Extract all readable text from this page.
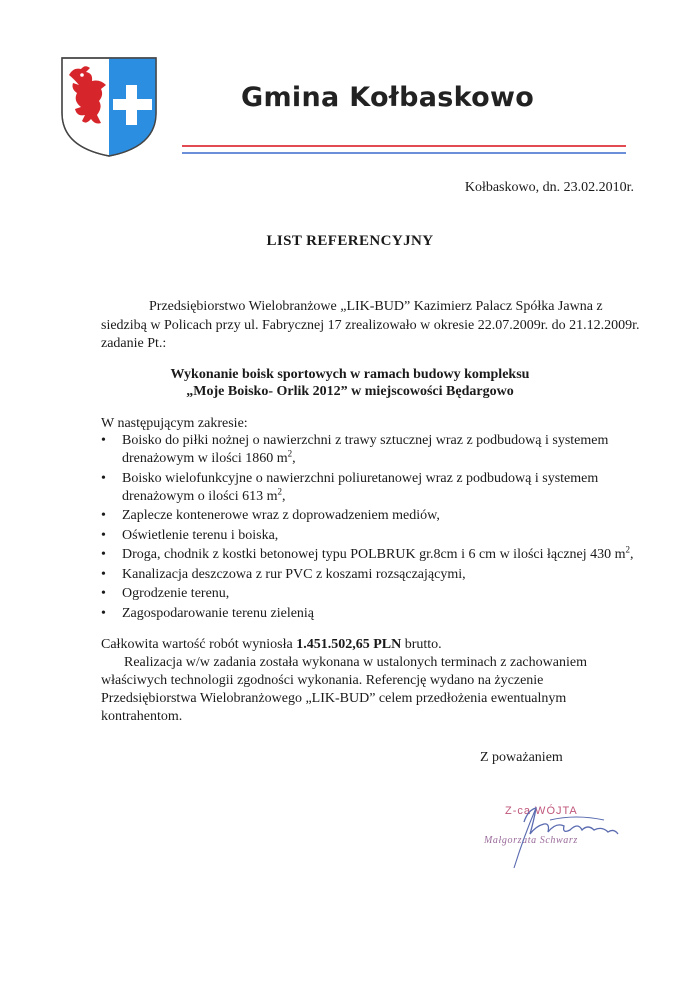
Gmina Kołbaskowo
Kołbaskowo, dn. 23.02.2010r.
LIST REFERENCYJNY

Przedsiębiorstwo Wielobranżowe „LIK-BUD” Kazimierz Palacz Spółka Jawna z

siedzibą w Policach przy ul. Fabrycznej 17 zrealizowało w okresie 22.07.2009r. do 21.12.2009r.
zadanie Pt.:
Wykonanie boisk sportowych w ramach budowy kompleksu
„Moje Boisko- Orlik 2012” w miejscowości Będargowo
W następującym zakresie:
• Boisko do piłki nożnej o nawierzchni z trawy sztucznej wraz z podbudową i systemem
drenażowym w ilości 1860 $m^2$,
• Boisko wielofunkcyjne o nawierzchni poliuretanowej wraz z podbudową i systemem
drenażowym o ilości 613 $m^2$,
• Zaplecze kontenerowe wraz z doprowadzeniem mediów,
• Oświetlenie terenu i boiska,
• Droga, chodnik z kostki betonowej typu POLBRUK gr.8cm i 6 cm w ilości łącznej 430 $m^2$,
• Kanalizacja deszczowa z rur PVC z koszami rozsączającymi,
• Ogrodzenie terenu,
• Zagospodarowanie terenu zielenią

Całkowita wartość robót wyniosła 1.451.502,65 PLN brutto.

Realizacja w/w zadania została wykonana w ustalonych terminach z zachowaniem

właściwych technologii zgodności wykonania. Referencję wydano na życzenie

Przedsiębiorstwa Wielobranżowego „LIK-BUD” celem przedłożenia ewentualnym

kontrahentom.

Z poważaniem
Z-ca WÓJTA
Małgorzata Schwarz
